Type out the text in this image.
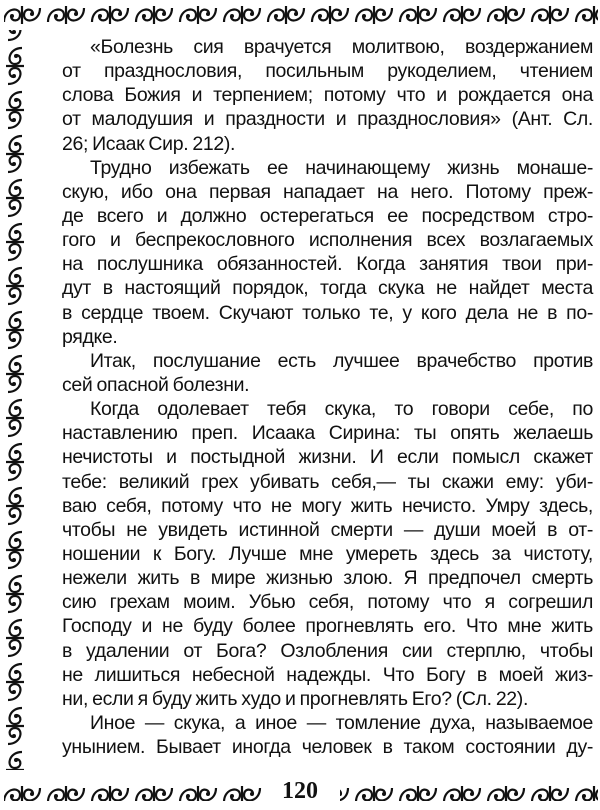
«Болезнь сия врачуется молитвою, воздержанием
от празднословия, посильным рукоделием, чтением
слова Божия и терпением; потому что и рождается она
от малодушия и праздности и празднословия» (Ант. Сл.
26; Исаак Сир. 212).
Трудно избежать ее начинающему жизнь монаше-
скую, ибо она первая нападает на него. Потому преж-
де всего и должно остерегаться ее посредством стро-
гого и беспрекословного исполнения всех возлагаемых
на послушника обязанностей. Когда занятия твои при-
дут в настоящий порядок, тогда скука не найдет места
в сердце твоем. Скучают только те, у кого дела не в по-
рядке.
Итак, послушание есть лучшее врачебство против
сей опасной болезни.
Когда одолевает тебя скука, то говори себе, по
наставлению преп. Исаака Сирина: ты опять желаешь
нечистоты и постыдной жизни. И если помысл скажет
тебе: великий грех убивать себя,— ты скажи ему: уби-
ваю себя, потому что не могу жить нечисто. Умру здесь,
чтобы не увидеть истинной смерти — души моей в от-
ношении к Богу. Лучше мне умереть здесь за чистоту,
нежели жить в мире жизнью злою. Я предпочел смерть
сию грехам моим. Убью себя, потому что я согрешил
Господу и не буду более прогневлять его. Что мне жить
в удалении от Бога? Озлобления сии стерплю, чтобы
не лишиться небесной надежды. Что Богу в моей жиз-
ни, если я буду жить худо и прогневлять Его? (Сл. 22).
Иное — скука, а иное — томление духа, называемое
унынием. Бывает иногда человек в таком состоянии ду-
120
